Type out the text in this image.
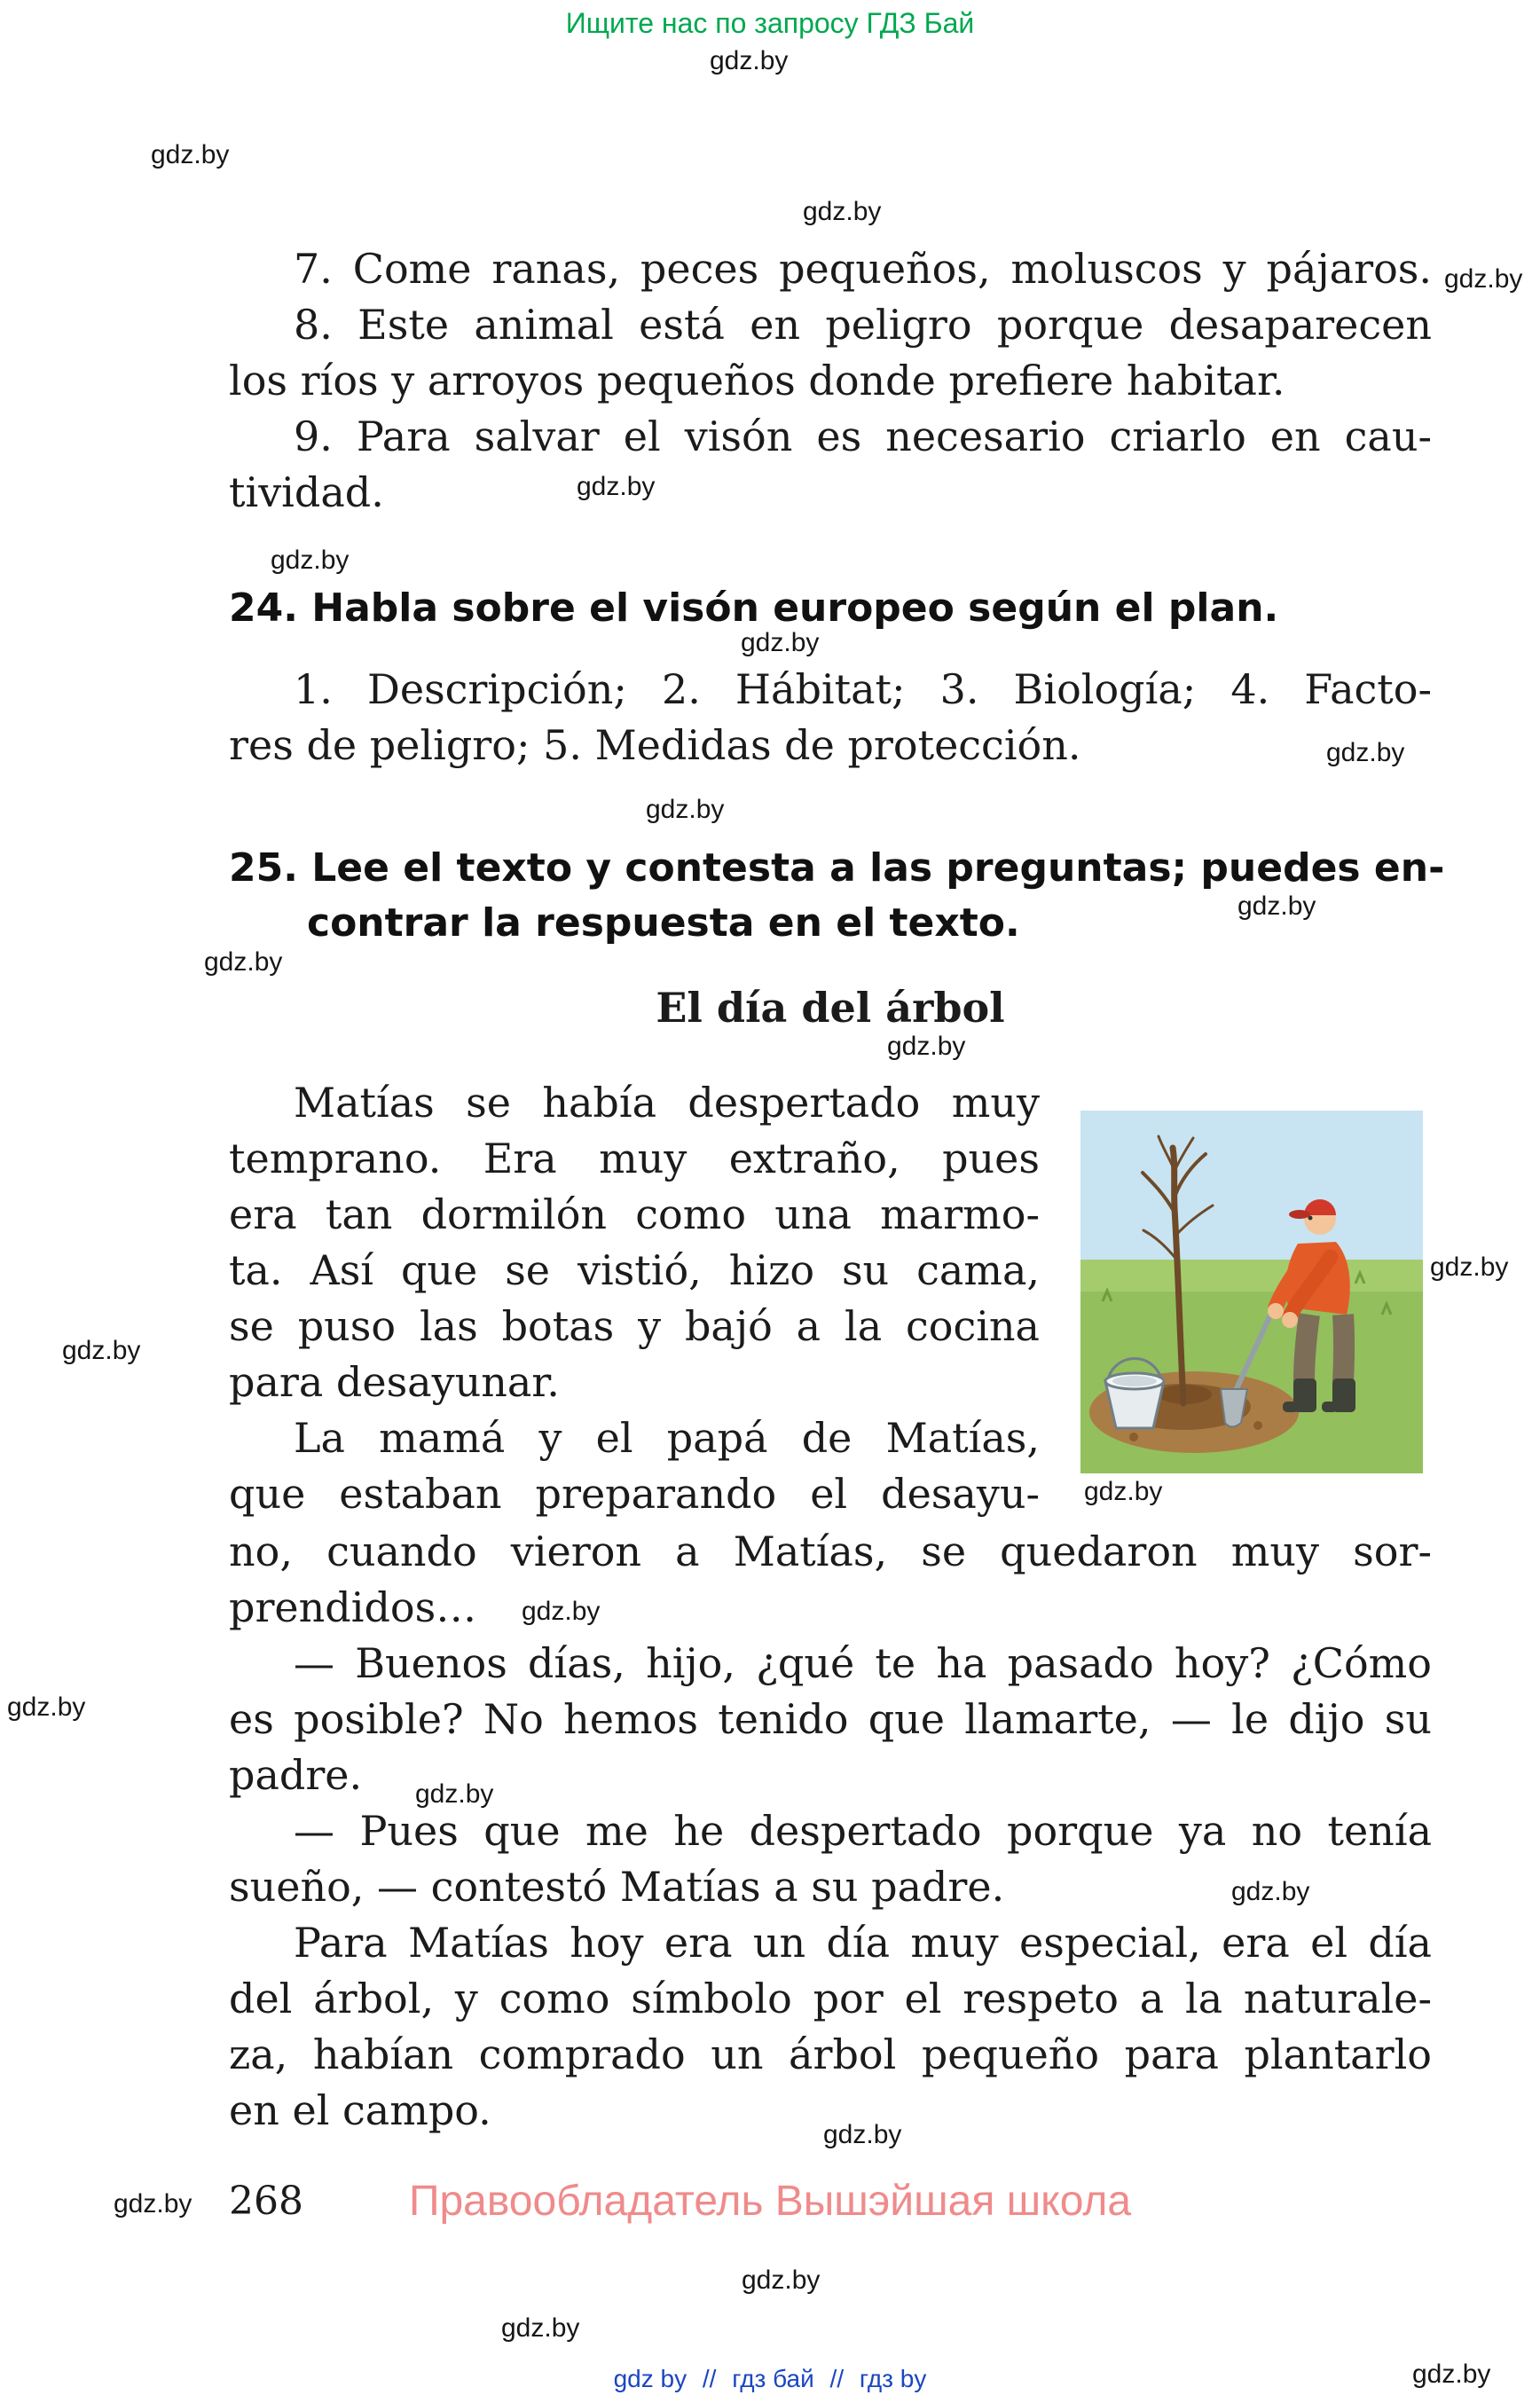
Ищите нас по запросу ГДЗ Бай
gdz.by
gdz.by
gdz.by
gdz.by
gdz.by
gdz.by
gdz.by
gdz.by
gdz.by
gdz.by
gdz.by
gdz.by
gdz.by
gdz.by
gdz.by
gdz.by
gdz.by
gdz.by
gdz.by
gdz.by
gdz.by
gdz.by
gdz.by
gdz.by
7. Come ranas, peces pequeños, moluscos y pájaros.
8. Este animal está en peligro porque desaparecen
los ríos y arroyos pequeños donde prefiere habitar.
9. Para salvar el visón es necesario criarlo en cau-
tividad.
24. Habla sobre el visón europeo según el plan.
1. Descripción; 2. Hábitat; 3. Biología; 4. Facto-
res de peligro; 5. Medidas de protección.
25. Lee el texto y contesta a las preguntas; puedes en-
contrar la respuesta en el texto.
El día del árbol
Matías se había despertado muy
temprano. Era muy extraño, pues
era tan dormilón como una marmo-
ta. Así que se vistió, hizo su cama,
se puso las botas y bajó a la cocina
para desayunar.
La mamá y el papá de Matías,
que estaban preparando el desayu-
no, cuando vieron a Matías, se quedaron muy sor-
prendidos…
— Buenos días, hijo, ¿qué te ha pasado hoy? ¿Cómo
es posible? No hemos tenido que llamarte, — le dijo su
padre.
— Pues que me he despertado porque ya no tenía
sueño, — contestó Matías a su padre.
Para Matías hoy era un día muy especial, era el día
del árbol, y como símbolo por el respeto a la naturale-
za, habían comprado un árbol pequeño para plantarlo
en el campo.
268	Правообладатель Вышэйшая школа
gdz by // гдз бай // гдз by
